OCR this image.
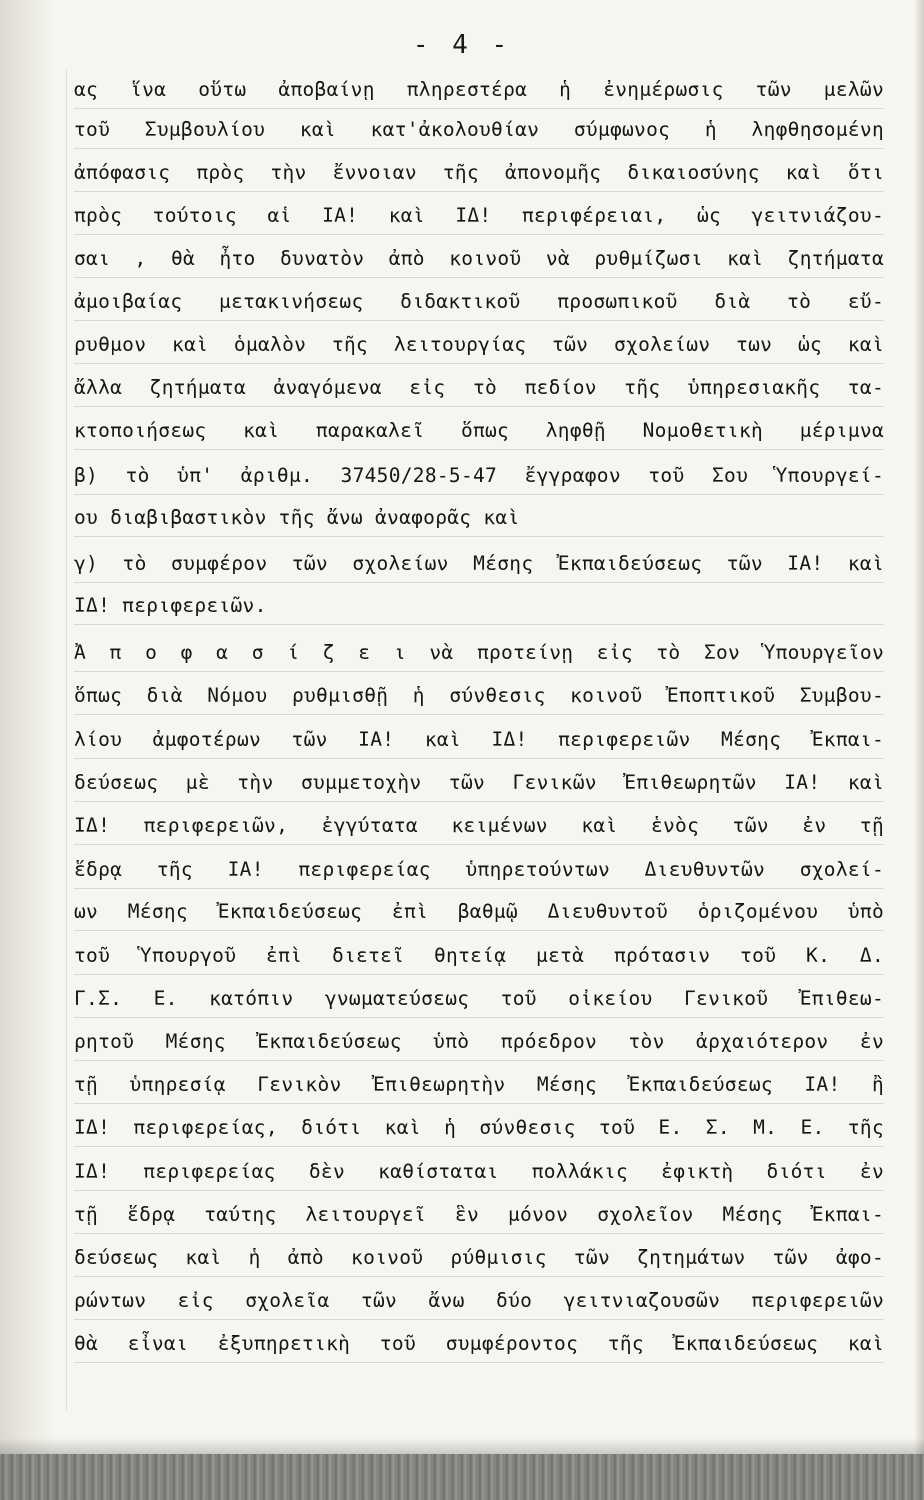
- 4 -
ας ἵνα οὕτω ἀποβαίνῃ πληρεστέρα ἡ ἐνημέρωσις τῶν μελῶν
τοῦ Συμβουλίου καὶ κατ'ἀκολουθίαν σύμφωνος ἡ ληφθησομένη
ἀπόφασις πρὸς τὴν ἔννοιαν τῆς ἀπονομῆς δικαιοσύνης καὶ ὅτι
πρὸς τούτοις αἱ ΙΑ! καὶ ΙΔ! περιφέρειαι, ὡς γειτνιάζου-
σαι , θὰ ἦτο δυνατὸν ἀπὸ κοινοῦ νὰ ρυθμίζωσι καὶ ζητήματα
ἀμοιβαίας μετακινήσεως διδακτικοῦ προσωπικοῦ διὰ τὸ εὔ-
ρυθμον καὶ ὁμαλὸν τῆς λειτουργίας τῶν σχολείων των ὡς καὶ
ἄλλα ζητήματα ἀναγόμενα εἰς τὸ πεδίον τῆς ὑπηρεσιακῆς τα-
κτοποιήσεως καὶ παρακαλεῖ ὅπως ληφθῇ Νομοθετικὴ μέριμνα
β) τὸ ὑπ' ἀριθμ. 37450/28-5-47 ἔγγραφον τοῦ Σου Ὑπουργεί-
ου διαβιβαστικὸν τῆς ἄνω ἀναφορᾶς καὶ
γ) τὸ συμφέρον τῶν σχολείων Μέσης Ἐκπαιδεύσεως τῶν ΙΑ! καὶ
ΙΔ! περιφερειῶν.
Ἀ π ο φ α σ ί ζ ε ι νὰ προτείνῃ εἰς τὸ Σον Ὑπουργεῖον
ὅπως διὰ Νόμου ρυθμισθῇ ἡ σύνθεσις κοινοῦ Ἐποπτικοῦ Συμβου-
λίου ἀμφοτέρων τῶν ΙΑ! καὶ ΙΔ! περιφερειῶν Μέσης Ἐκπαι-
δεύσεως μὲ τὴν συμμετοχὴν τῶν Γενικῶν Ἐπιθεωρητῶν ΙΑ! καὶ
ΙΔ! περιφερειῶν, ἐγγύτατα κειμένων καὶ ἑνὸς τῶν ἐν τῇ
ἕδρᾳ τῆς ΙΑ! περιφερείας ὑπηρετούντων Διευθυντῶν σχολεί-
ων Μέσης Ἐκπαιδεύσεως ἐπὶ βαθμῷ Διευθυντοῦ ὁριζομένου ὑπὸ
τοῦ Ὑπουργοῦ ἐπὶ διετεῖ θητείᾳ μετὰ πρότασιν τοῦ Κ. Δ.
Γ.Σ. Ε. κατόπιν γνωματεύσεως τοῦ οἰκείου Γενικοῦ Ἐπιθεω-
ρητοῦ Μέσης Ἐκπαιδεύσεως ὑπὸ πρόεδρον τὸν ἀρχαιότερον ἐν
τῇ ὑπηρεσίᾳ Γενικὸν Ἐπιθεωρητὴν Μέσης Ἐκπαιδεύσεως ΙΑ! ἢ
ΙΔ! περιφερείας, διότι καὶ ἡ σύνθεσις τοῦ Ε. Σ. Μ. Ε. τῆς
ΙΔ! περιφερείας δὲν καθίσταται πολλάκις ἐφικτὴ διότι ἐν
τῇ ἕδρᾳ ταύτης λειτουργεῖ ἓν μόνον σχολεῖον Μέσης Ἐκπαι-
δεύσεως καὶ ἡ ἀπὸ κοινοῦ ρύθμισις τῶν ζητημάτων τῶν ἀφο-
ρώντων εἰς σχολεῖα τῶν ἄνω δύο γειτνιαζουσῶν περιφερειῶν
θὰ εἶναι ἐξυπηρετικὴ τοῦ συμφέροντος τῆς Ἐκπαιδεύσεως καὶ
